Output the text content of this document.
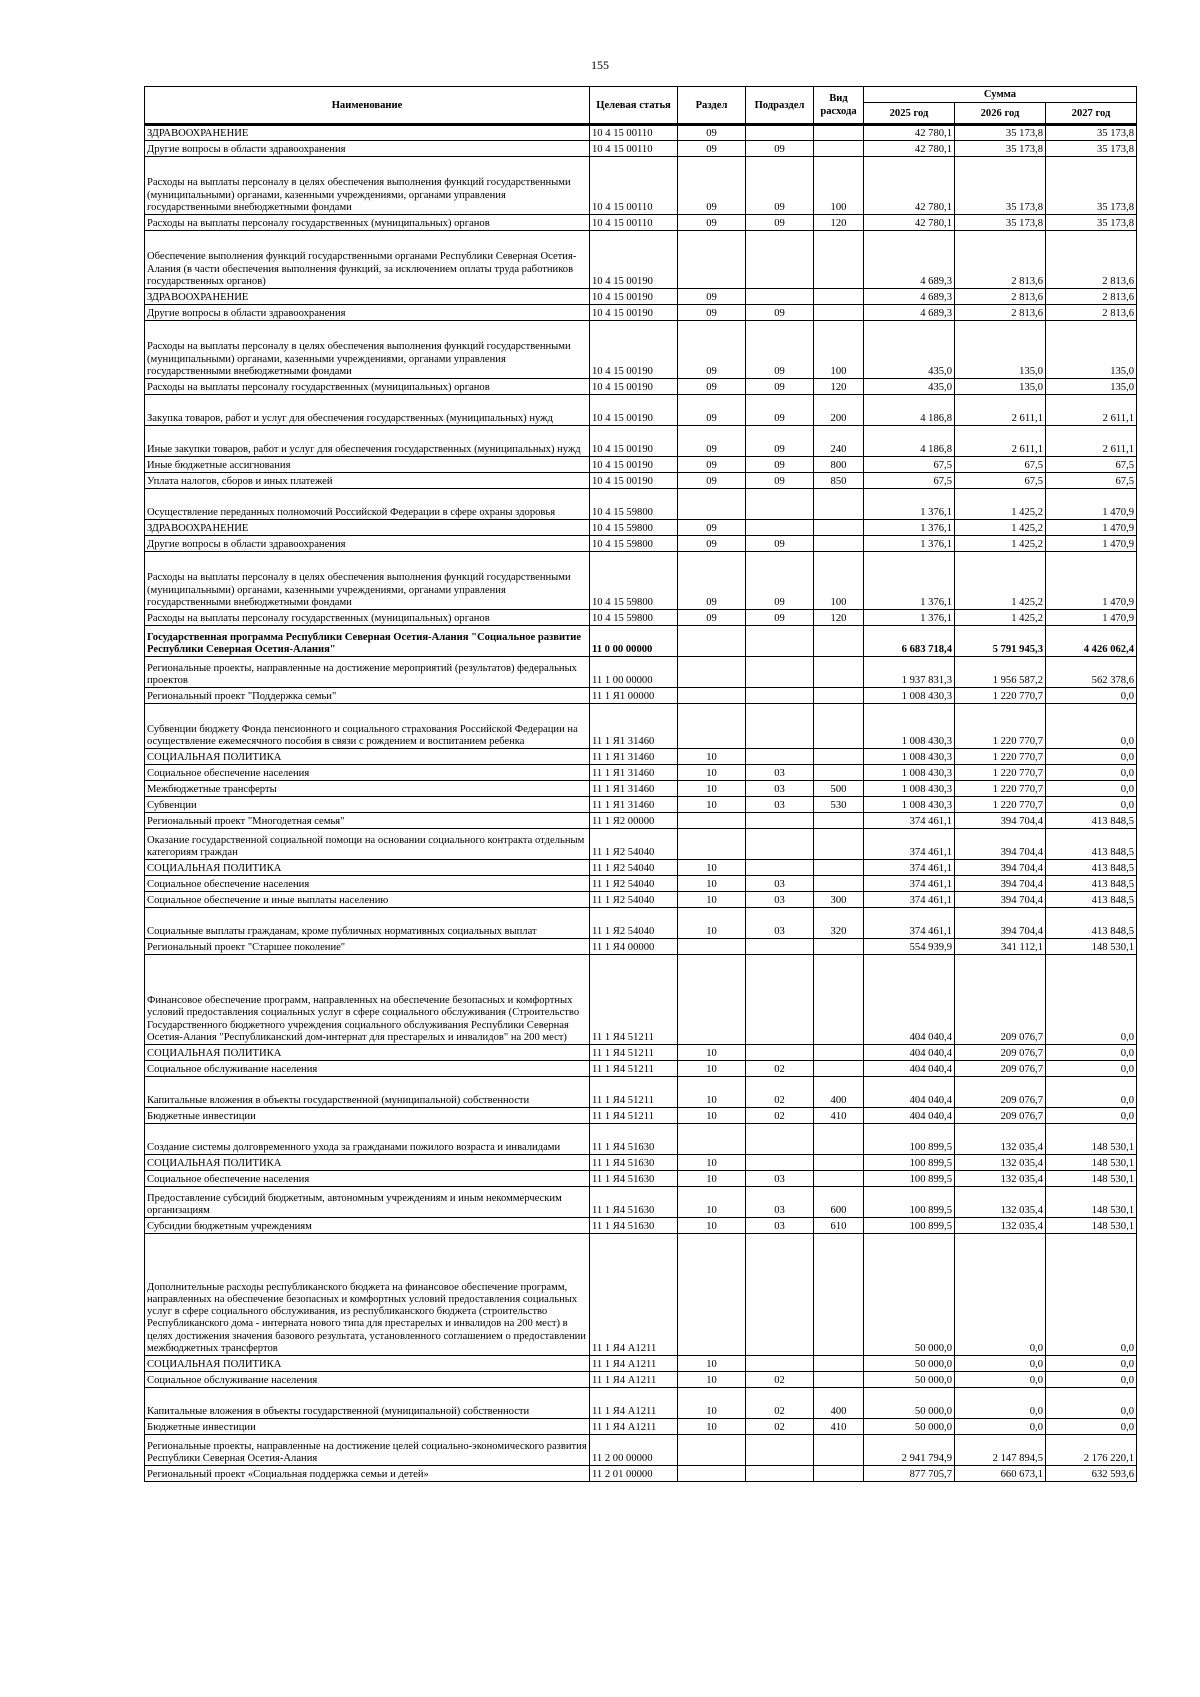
155
Наименование	Целевая статья	Раздел	Подраздел	Вид расхода	Сумма		
					2025 год	2026 год	2027 год
ЗДРАВООХРАНЕНИЕ	10 4 15 00110	09			42 780,1	35 173,8	35 173,8
Другие вопросы в области здравоохранения	10 4 15 00110	09	09		42 780,1	35 173,8	35 173,8
Расходы на выплаты персоналу в целях обеспечения выполнения функций государственными (муниципальными) органами, казенными учреждениями, органами управления государственными внебюджетными фондами	10 4 15 00110	09	09	100	42 780,1	35 173,8	35 173,8
Расходы на выплаты персоналу государственных (муниципальных) органов	10 4 15 00110	09	09	120	42 780,1	35 173,8	35 173,8
Обеспечение выполнения функций государственными органами Республики Северная Осетия-Алания (в части обеспечения выполнения функций, за исключением оплаты труда работников государственных органов)	10 4 15 00190				4 689,3	2 813,6	2 813,6
ЗДРАВООХРАНЕНИЕ	10 4 15 00190	09			4 689,3	2 813,6	2 813,6
Другие вопросы в области здравоохранения	10 4 15 00190	09	09		4 689,3	2 813,6	2 813,6
Расходы на выплаты персоналу в целях обеспечения выполнения функций государственными (муниципальными) органами, казенными учреждениями, органами управления государственными внебюджетными фондами	10 4 15 00190	09	09	100	435,0	135,0	135,0
Расходы на выплаты персоналу государственных (муниципальных) органов	10 4 15 00190	09	09	120	435,0	135,0	135,0
Закупка товаров, работ и услуг для обеспечения государственных (муниципальных) нужд	10 4 15 00190	09	09	200	4 186,8	2 611,1	2 611,1
Иные закупки товаров, работ и услуг для обеспечения государственных (муниципальных) нужд	10 4 15 00190	09	09	240	4 186,8	2 611,1	2 611,1
Иные бюджетные ассигнования	10 4 15 00190	09	09	800	67,5	67,5	67,5
Уплата налогов, сборов и иных платежей	10 4 15 00190	09	09	850	67,5	67,5	67,5
Осуществление переданных полномочий Российской Федерации в сфере охраны здоровья	10 4 15 59800				1 376,1	1 425,2	1 470,9
ЗДРАВООХРАНЕНИЕ	10 4 15 59800	09			1 376,1	1 425,2	1 470,9
Другие вопросы в области здравоохранения	10 4 15 59800	09	09		1 376,1	1 425,2	1 470,9
Расходы на выплаты персоналу в целях обеспечения выполнения функций государственными (муниципальными) органами, казенными учреждениями, органами управления государственными внебюджетными фондами	10 4 15 59800	09	09	100	1 376,1	1 425,2	1 470,9
Расходы на выплаты персоналу государственных (муниципальных) органов	10 4 15 59800	09	09	120	1 376,1	1 425,2	1 470,9
Государственная программа Республики Северная Осетия-Алания "Социальное развитие Республики Северная Осетия-Алания"	11 0 00 00000				6 683 718,4	5 791 945,3	4 426 062,4
Региональные проекты, направленные на достижение мероприятий (результатов) федеральных проектов	11 1 00 00000				1 937 831,3	1 956 587,2	562 378,6
Региональный проект "Поддержка семьи"	11 1 Я1 00000				1 008 430,3	1 220 770,7	0,0
Субвенции бюджету Фонда пенсионного и социального страхования Российской Федерации на осуществление ежемесячного пособия в связи с рождением и воспитанием ребенка	11 1 Я1 31460				1 008 430,3	1 220 770,7	0,0
СОЦИАЛЬНАЯ ПОЛИТИКА	11 1 Я1 31460	10			1 008 430,3	1 220 770,7	0,0
Социальное обеспечение населения	11 1 Я1 31460	10	03		1 008 430,3	1 220 770,7	0,0
Межбюджетные трансферты	11 1 Я1 31460	10	03	500	1 008 430,3	1 220 770,7	0,0
Субвенции	11 1 Я1 31460	10	03	530	1 008 430,3	1 220 770,7	0,0
Региональный проект "Многодетная семья"	11 1 Я2 00000				374 461,1	394 704,4	413 848,5
Оказание государственной социальной помощи на основании социального контракта отдельным категориям граждан	11 1 Я2 54040				374 461,1	394 704,4	413 848,5
СОЦИАЛЬНАЯ ПОЛИТИКА	11 1 Я2 54040	10			374 461,1	394 704,4	413 848,5
Социальное обеспечение населения	11 1 Я2 54040	10	03		374 461,1	394 704,4	413 848,5
Социальное обеспечение и иные выплаты населению	11 1 Я2 54040	10	03	300	374 461,1	394 704,4	413 848,5
Социальные выплаты гражданам, кроме публичных нормативных социальных выплат	11 1 Я2 54040	10	03	320	374 461,1	394 704,4	413 848,5
Региональный проект "Старшее поколение"	11 1 Я4 00000				554 939,9	341 112,1	148 530,1
Финансовое обеспечение программ, направленных на обеспечение безопасных и комфортных условий предоставления социальных услуг в сфере социального обслуживания (Строительство Государственного бюджетного учреждения социального обслуживания Республики Северная Осетия-Алания "Республиканский дом-интернат для престарелых и инвалидов" на 200 мест)	11 1 Я4 51211				404 040,4	209 076,7	0,0
СОЦИАЛЬНАЯ ПОЛИТИКА	11 1 Я4 51211	10			404 040,4	209 076,7	0,0
Социальное обслуживание населения	11 1 Я4 51211	10	02		404 040,4	209 076,7	0,0
Капитальные вложения в объекты государственной (муниципальной) собственности	11 1 Я4 51211	10	02	400	404 040,4	209 076,7	0,0
Бюджетные инвестиции	11 1 Я4 51211	10	02	410	404 040,4	209 076,7	0,0
Создание системы долговременного ухода за гражданами пожилого возраста и инвалидами	11 1 Я4 51630				100 899,5	132 035,4	148 530,1
СОЦИАЛЬНАЯ ПОЛИТИКА	11 1 Я4 51630	10			100 899,5	132 035,4	148 530,1
Социальное обеспечение населения	11 1 Я4 51630	10	03		100 899,5	132 035,4	148 530,1
Предоставление субсидий бюджетным, автономным учреждениям и иным некоммерческим организациям	11 1 Я4 51630	10	03	600	100 899,5	132 035,4	148 530,1
Субсидии бюджетным учреждениям	11 1 Я4 51630	10	03	610	100 899,5	132 035,4	148 530,1
Дополнительные расходы республиканского бюджета на финансовое обеспечение программ, направленных на обеспечение безопасных и комфортных условий предоставления социальных услуг в сфере социального обслуживания, из республиканского бюджета (строительство Республиканского дома - интерната нового типа для престарелых и инвалидов на 200 мест) в целях достижения значения базового результата, установленного соглашением о предоставлении межбюджетных трансфертов	11 1 Я4 А1211				50 000,0	0,0	0,0
СОЦИАЛЬНАЯ ПОЛИТИКА	11 1 Я4 А1211	10			50 000,0	0,0	0,0
Социальное обслуживание населения	11 1 Я4 А1211	10	02		50 000,0	0,0	0,0
Капитальные вложения в объекты государственной (муниципальной) собственности	11 1 Я4 А1211	10	02	400	50 000,0	0,0	0,0
Бюджетные инвестиции	11 1 Я4 А1211	10	02	410	50 000,0	0,0	0,0
Региональные проекты, направленные на достижение целей социально-экономического развития Республики Северная Осетия-Алания	11 2 00 00000				2 941 794,9	2 147 894,5	2 176 220,1
Региональный проект «Социальная поддержка семьи и детей»	11 2 01 00000				877 705,7	660 673,1	632 593,6
